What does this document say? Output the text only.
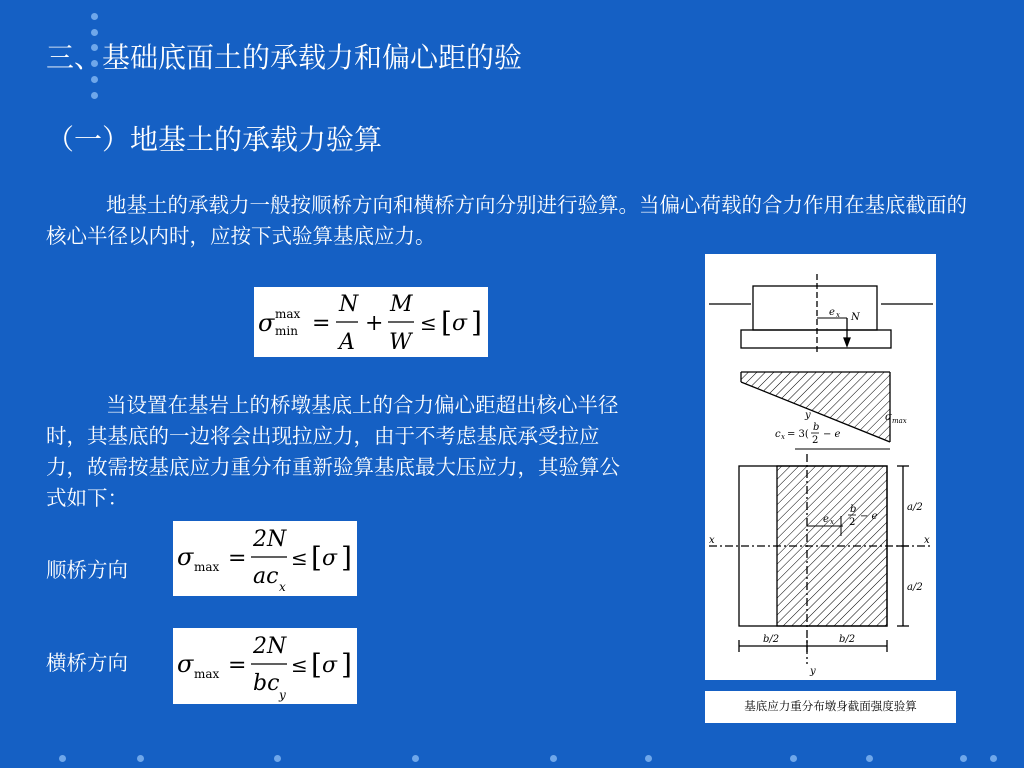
三、基础底面土的承载力和偏心距的验
（一）地基土的承载力验算
地基土的承载力一般按顺桥方向和横桥方向分别进行验算。当偏心荷载的合力作用在基底截面的核心半径以内时，应按下式验算基底应力。
σ max
min =
N
A
+
M
W
≤ [ σ ]
当设置在基岩上的桥墩基底上的合力偏心距超出核心半径时，其基底的一边将会出现拉应力，由于不考虑基底承受拉应力，故需按基底应力重分布重新验算基底最大压应力，其验算公式如下：
顺桥方向
横桥方向
σ max =
2N
ac x
≤ [ σ ]
σ max =
2N
bc y
≤ [ σ ]
e x N
σ max
y
c x = 3(
b
2
− e
e x
b
2
− e
x	x
y
b/2	b/2
a/2
a/2
基底应力重分布墩身截面强度验算
